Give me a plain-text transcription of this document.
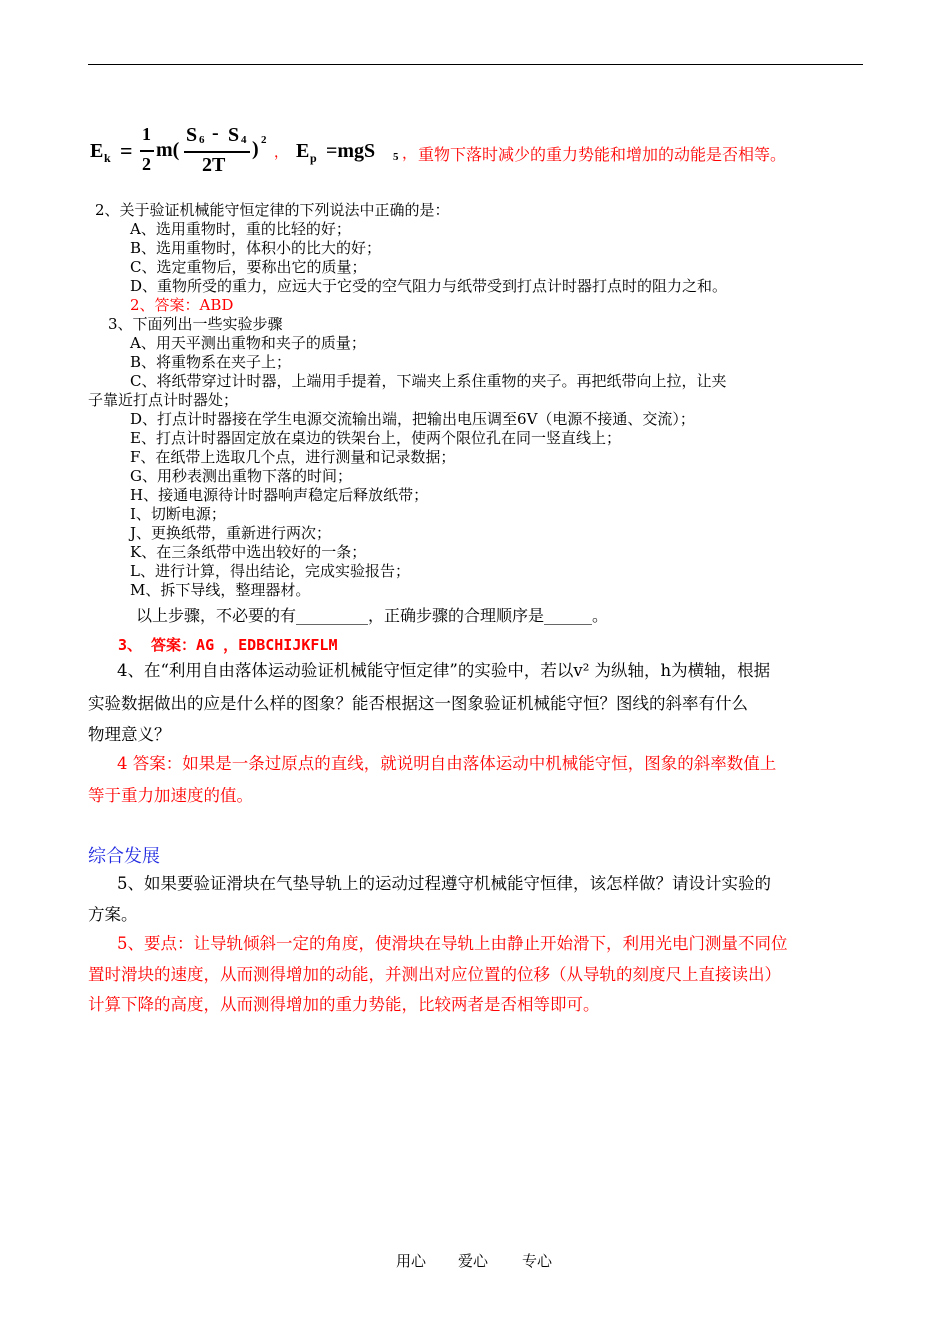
E k =
1
2
m(
S 6 - S 4
2T
) 2
， E p =mgS 5 ， 重物下落时减少的重力势能和增加的动能是否相等。
2、关于验证机械能守恒定律的下列说法中正确的是：
A、选用重物时，重的比轻的好；
B、选用重物时，体积小的比大的好；
C、选定重物后，要称出它的质量；
D、重物所受的重力，应远大于它受的空气阻力与纸带受到打点计时器打点时的阻力之和。
2、答案：ABD
3、下面列出一些实验步骤
A、用天平测出重物和夹子的质量；
B、将重物系在夹子上；
C、将纸带穿过计时器，上端用手提着，下端夹上系住重物的夹子。再把纸带向上拉，让夹
子靠近打点计时器处；
D、打点计时器接在学生电源交流输出端，把输出电压调至6V（电源不接通、交流）；
E、打点计时器固定放在桌边的铁架台上，使两个限位孔在同一竖直线上；
F、在纸带上选取几个点，进行测量和记录数据；
G、用秒表测出重物下落的时间；
H、接通电源待计时器响声稳定后释放纸带；
I、切断电源；
J、更换纸带，重新进行两次；
K、在三条纸带中选出较好的一条；
L、进行计算，得出结论，完成实验报告；
M、拆下导线，整理器材。
以上步骤，不必要的有_________，正确步骤的合理顺序是______。
3、 答案：AG ，EDBCHIJKFLM
4、在“利用自由落体运动验证机械能守恒定律”的实验中，若以v² 为纵轴，h为横轴，根据
实验数据做出的应是什么样的图象？能否根据这一图象验证机械能守恒？图线的斜率有什么
物理意义？
4 答案：如果是一条过原点的直线，就说明自由落体运动中机械能守恒，图象的斜率数值上
等于重力加速度的值。
综合发展
5、如果要验证滑块在气垫导轨上的运动过程遵守机械能守恒律，该怎样做？请设计实验的
方案。
5、要点：让导轨倾斜一定的角度，使滑块在导轨上由静止开始滑下，利用光电门测量不同位
置时滑块的速度，从而测得增加的动能，并测出对应位置的位移（从导轨的刻度尺上直接读出）
计算下降的高度，从而测得增加的重力势能，比较两者是否相等即可。
用心 爱心 专心
